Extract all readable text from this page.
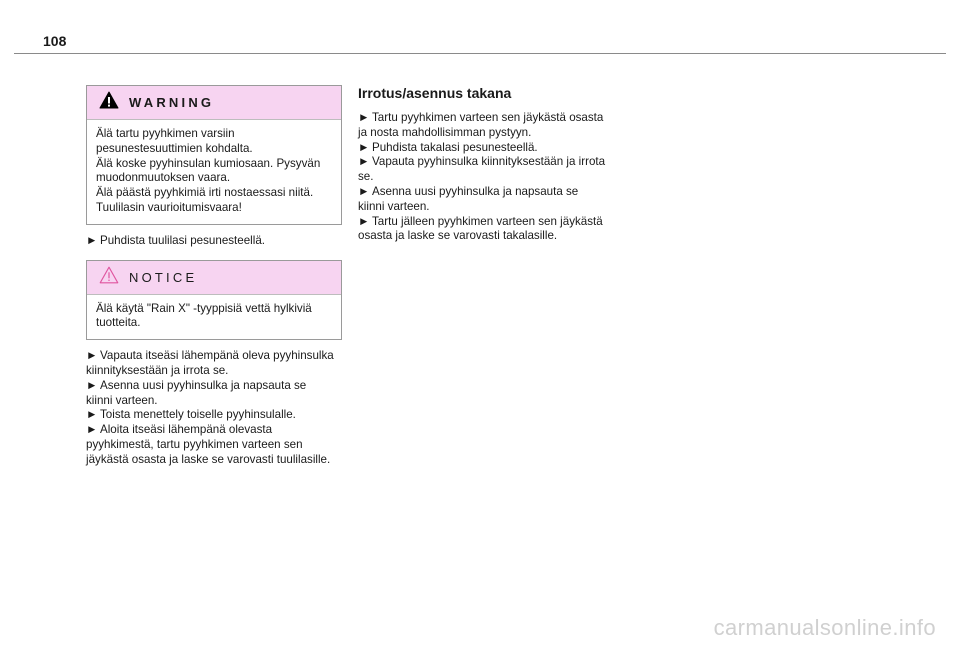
108
WARNING

Älä tartu pyyhkimen varsiin

pesunestesuuttimien kohdalta.

Älä koske pyyhinsulan kumiosaan. Pysyvän

muodonmuutoksen vaara.

Älä päästä pyyhkimiä irti nostaessasi niitä.

Tuulilasin vaurioitumisvaara!

► Puhdista tuulilasi pesunesteellä.

NOTICE

Älä käytä "Rain X" -tyyppisiä vettä hylkiviä

tuotteita.

► Vapauta itseäsi lähempänä oleva pyyhinsulka
kiinnityksestään ja irrota se.

► Asenna uusi pyyhinsulka ja napsauta se
kiinni varteen.

► Toista menettely toiselle pyyhinsulalle.

► Aloita itseäsi lähempänä olevasta
pyyhkimestä, tartu pyyhkimen varteen sen
jäykästä osasta ja laske se varovasti tuulilasille.

Irrotus/asennus takana

► Tartu pyyhkimen varteen sen jäykästä osasta
ja nosta mahdollisimman pystyyn.

► Puhdista takalasi pesunesteellä.

► Vapauta pyyhinsulka kiinnityksestään ja irrota
se.

► Asenna uusi pyyhinsulka ja napsauta se
kiinni varteen.

► Tartu jälleen pyyhkimen varteen sen jäykästä
osasta ja laske se varovasti takalasille.

carmanualsonline.info
